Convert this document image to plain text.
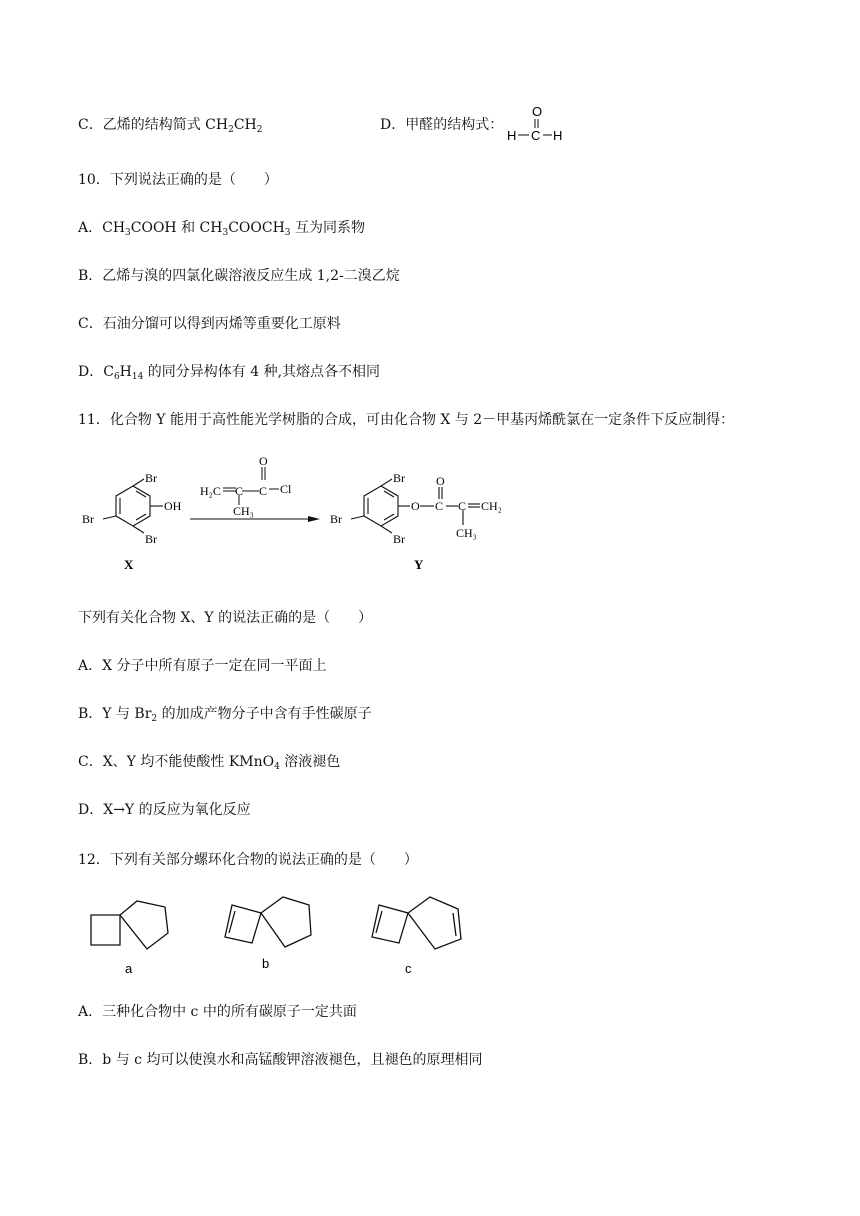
C．乙烯的结构简式 $CH_2CH_2$	D．甲醛的结构式：
O
H C H
10．下列说法正确的是（　　）
A．$CH_3COOH$ 和 $CH_3COOCH_3$ 互为同系物
B．乙烯与溴的四氯化碳溶液反应生成 1,2-二溴乙烷
C．石油分馏可以得到丙烯等重要化工原料
D．$C_6H_{14}$ 的同分异构体有 4 种,其熔点各不相同
11．化合物 Y 能用于高性能光学树脂的合成，可由化合物 X 与 2－甲基丙烯酰氯在一定条件下反应制得：
Br
OH
Br
Br
X
H₂C C C
O
Cl
CH₃
Br
O
O
C C CH₂
CH₃
Br
Br
Y
下列有关化合物 X、Y 的说法正确的是（　　）
A．X 分子中所有原子一定在同一平面上
B．Y 与 $Br_2$ 的加成产物分子中含有手性碳原子
C．X、Y 均不能使酸性 KMnO$_4$ 溶液褪色
D．X→Y 的反应为氧化反应
12．下列有关部分螺环化合物的说法正确的是（　　）
a	b	c
A．三种化合物中 c 中的所有碳原子一定共面
B．b 与 c 均可以使溴水和高锰酸钾溶液褪色，且褪色的原理相同
